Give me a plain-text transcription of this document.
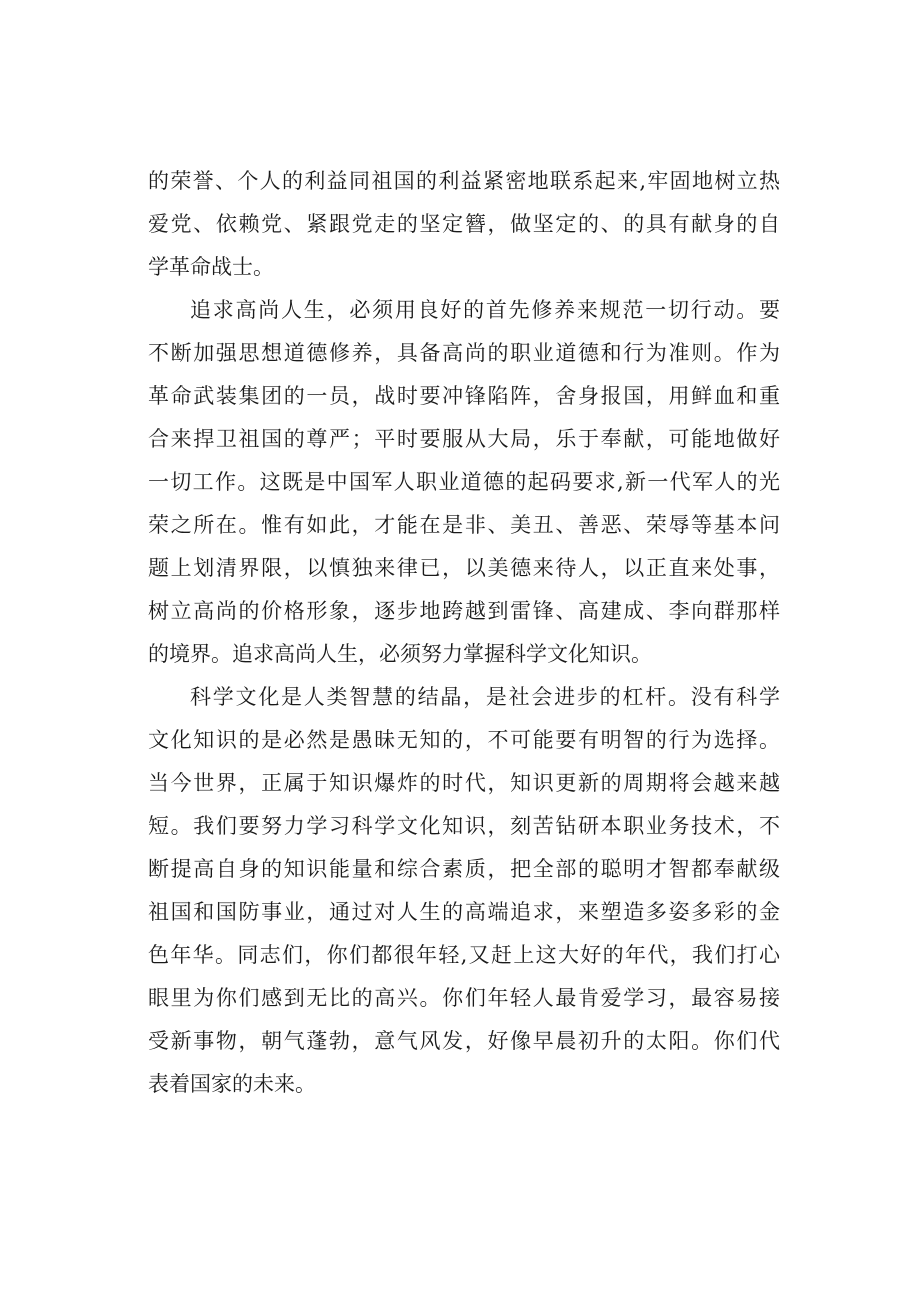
的荣誉、个人的利益同祖国的利益紧密地联系起来,牢固地树立热
爱党、依赖党、紧跟党走的坚定簪，做坚定的、的具有献身的自
学革命战士。
追求高尚人生，必须用良好的首先修养来规范一切行动。要
不断加强思想道德修养，具备高尚的职业道德和行为准则。作为
革命武装集团的一员，战时要冲锋陷阵，舍身报国，用鲜血和重
合来捍卫祖国的尊严；平时要服从大局，乐于奉献，可能地做好
一切工作。这既是中国军人职业道德的起码要求,新一代军人的光
荣之所在。惟有如此，才能在是非、美丑、善恶、荣辱等基本问
题上划清界限，以慎独来律已，以美德来待人，以正直来处事，
树立高尚的价格形象，逐步地跨越到雷锋、高建成、李向群那样
的境界。追求高尚人生，必须努力掌握科学文化知识。
科学文化是人类智慧的结晶，是社会进步的杠杆。没有科学
文化知识的是必然是愚昧无知的，不可能要有明智的行为选择。
当今世界，正属于知识爆炸的时代，知识更新的周期将会越来越
短。我们要努力学习科学文化知识，刻苦钻研本职业务技术，不
断提高自身的知识能量和综合素质，把全部的聪明才智都奉献级
祖国和国防事业，通过对人生的高端追求，来塑造多姿多彩的金
色年华。同志们，你们都很年轻,又赶上这大好的年代，我们打心
眼里为你们感到无比的高兴。你们年轻人最肯爱学习，最容易接
受新事物，朝气蓬勃，意气风发，好像早晨初升的太阳。你们代
表着国家的未来。
